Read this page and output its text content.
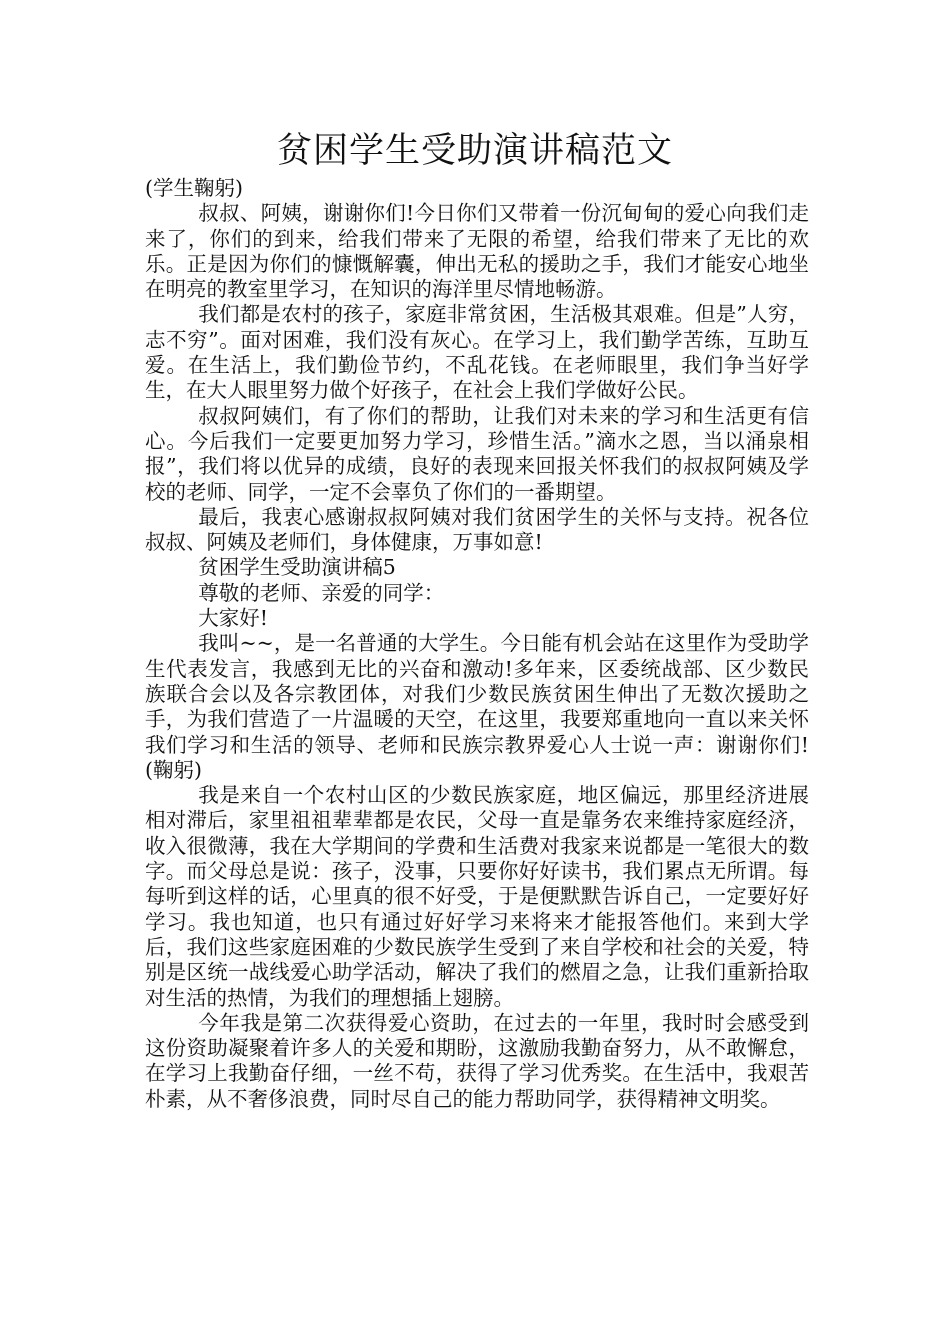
贫困学生受助演讲稿范文

(学生鞠躬)

叔叔、阿姨，谢谢你们!今日你们又带着一份沉甸甸的爱心向我们走来了，你们的到来，给我们带来了无限的希望，给我们带来了无比的欢乐。正是因为你们的慷慨解囊，伸出无私的援助之手，我们才能安心地坐在明亮的教室里学习，在知识的海洋里尽情地畅游。

我们都是农村的孩子，家庭非常贫困，生活极其艰难。但是”人穷，志不穷”。面对困难，我们没有灰心。在学习上，我们勤学苦练，互助互爱。在生活上，我们勤俭节约，不乱花钱。在老师眼里，我们争当好学生，在大人眼里努力做个好孩子，在社会上我们学做好公民。

叔叔阿姨们，有了你们的帮助，让我们对未来的学习和生活更有信心。今后我们一定要更加努力学习，珍惜生活。”滴水之恩，当以涌泉相报”，我们将以优异的成绩，良好的表现来回报关怀我们的叔叔阿姨及学校的老师、同学，一定不会辜负了你们的一番期望。

最后，我衷心感谢叔叔阿姨对我们贫困学生的关怀与支持。祝各位叔叔、阿姨及老师们，身体健康，万事如意!

贫困学生受助演讲稿5

尊敬的老师、亲爱的同学：

大家好!

我叫~~，是一名普通的大学生。今日能有机会站在这里作为受助学生代表发言，我感到无比的兴奋和激动!多年来，区委统战部、区少数民族联合会以及各宗教团体，对我们少数民族贫困生伸出了无数次援助之手，为我们营造了一片温暖的天空，在这里，我要郑重地向一直以来关怀我们学习和生活的领导、老师和民族宗教界爱心人士说一声：谢谢你们!(鞠躬)

我是来自一个农村山区的少数民族家庭，地区偏远，那里经济进展相对滞后，家里祖祖辈辈都是农民，父母一直是靠务农来维持家庭经济，收入很微薄，我在大学期间的学费和生活费对我家来说都是一笔很大的数字。而父母总是说：孩子，没事，只要你好好读书，我们累点无所谓。每每听到这样的话，心里真的很不好受，于是便默默告诉自己，一定要好好学习。我也知道，也只有通过好好学习来将来才能报答他们。来到大学后，我们这些家庭困难的少数民族学生受到了来自学校和社会的关爱，特别是区统一战线爱心助学活动，解决了我们的燃眉之急，让我们重新拾取对生活的热情，为我们的理想插上翅膀。

今年我是第二次获得爱心资助，在过去的一年里，我时时会感受到这份资助凝聚着许多人的关爱和期盼，这激励我勤奋努力，从不敢懈怠，在学习上我勤奋仔细，一丝不苟，获得了学习优秀奖。在生活中，我艰苦朴素，从不奢侈浪费，同时尽自己的能力帮助同学，获得精神文明奖。
